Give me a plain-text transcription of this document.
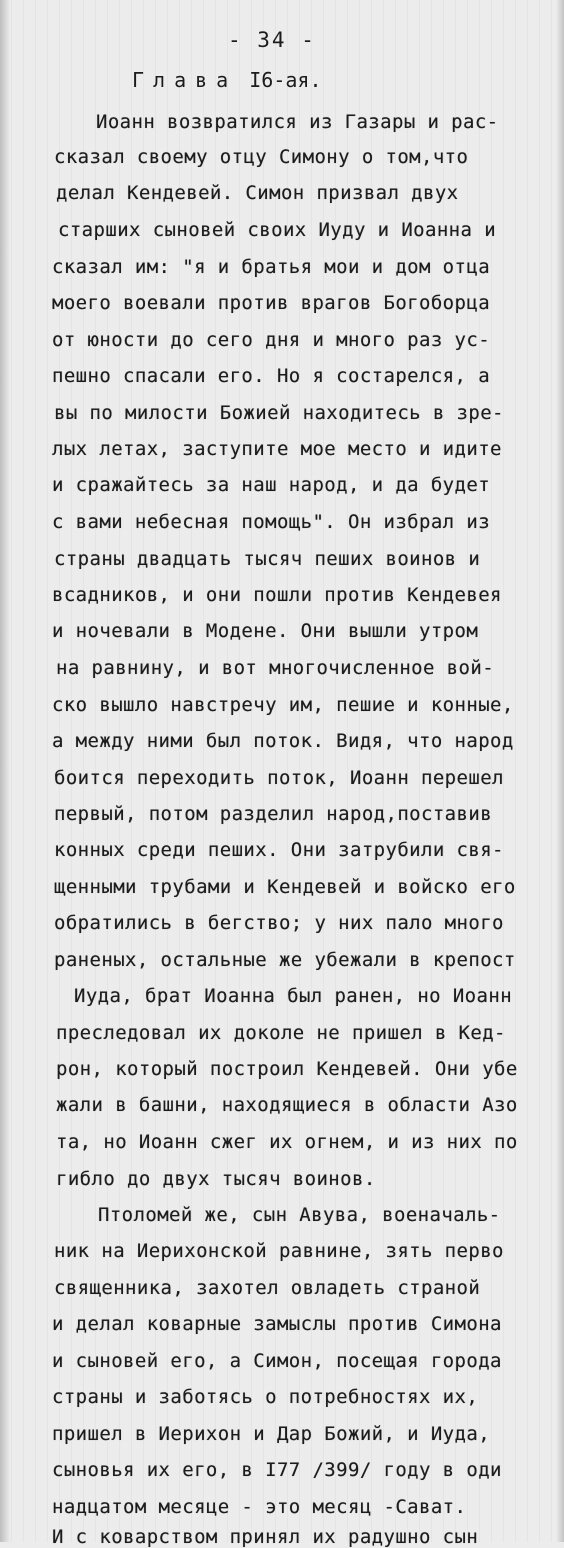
- 34 -
Глава I6-ая.
Иоанн возвратился из Газары и рас-
сказал своему отцу Симону о том,что
делал Кендевей. Симон призвал двух
старших сыновей своих Иуду и Иоанна и
сказал им: "я и братья мои и дом отца
моего воевали против врагов Богоборца
от юности до сего дня и много раз ус-
пешно спасали его. Но я состарелся, а
вы по милости Божией находитесь в зре-
лых летах, заступите мое место и идите
и сражайтесь за наш народ, и да будет
с вами небесная помощь". Он избрал из
страны двадцать тысяч пеших воинов и
всадников, и они пошли против Кендевея
и ночевали в Модене. Они вышли утром
на равнину, и вот многочисленное вой-
ско вышло навстречу им, пешие и конные,
а между ними был поток. Видя, что народ
боится переходить поток, Иоанн перешел
первый, потом разделил народ,поставив
конных среди пеших. Они затрубили свя-
щенными трубами и Кендевей и войско его
обратились в бегство; у них пало много
раненых, остальные же убежали в крепост
Иуда, брат Иоанна был ранен, но Иоанн
преследовал их доколе не пришел в Кед-
рон, который построил Кендевей. Они убе
жали в башни, находящиеся в области Азо
та, но Иоанн сжег их огнем, и из них по
гибло до двух тысяч воинов.
Птоломей же, сын Авува, военачаль-
ник на Иерихонской равнине, зять перво
священника, захотел овладеть страной
и делал коварные замыслы против Симона
и сыновей его, а Симон, посещая города
страны и заботясь о потребностях их,
пришел в Иерихон и Дар Божий, и Иуда,
сыновья их его, в I77 /399/ году в оди
надцатом месяце - это месяц -Сават.
И с коварством принял их радушно сын
